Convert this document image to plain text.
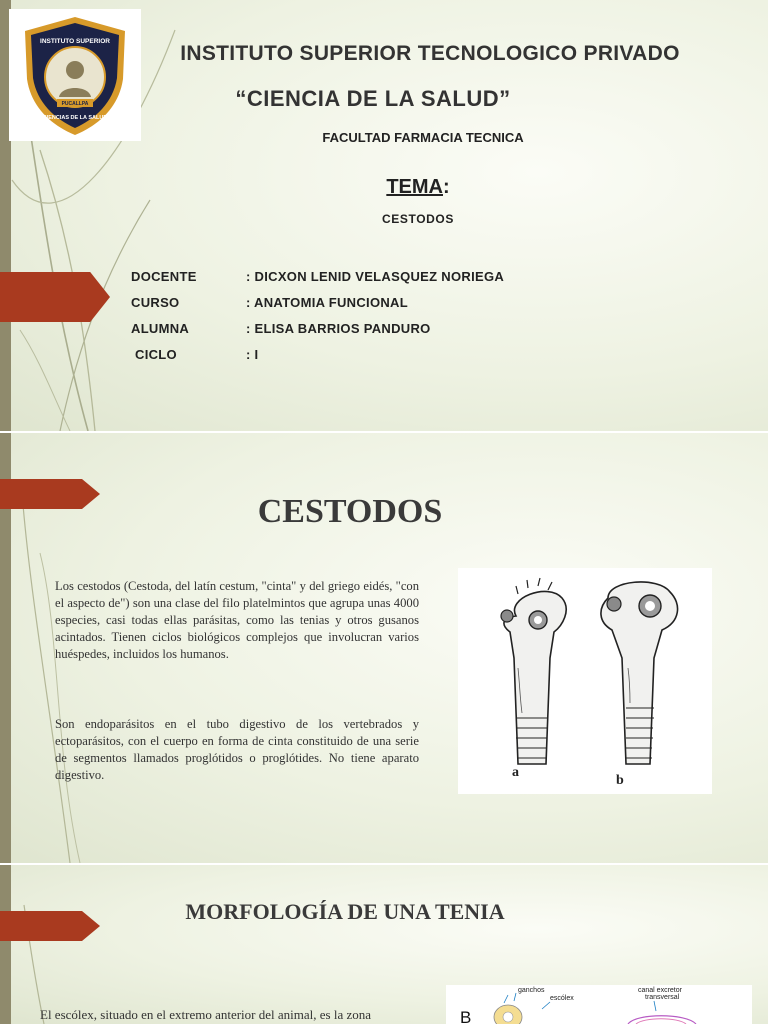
PUCALLPA
INSTITUTO SUPERIOR
CIENCIAS DE LA SALUD
INSTITUTO SUPERIOR TECNOLOGICO PRIVADO
“CIENCIA DE LA SALUD”
FACULTAD FARMACIA TECNICA
TEMA:
CESTODOS
DOCENTE	: DICXON LENID VELASQUEZ NORIEGA
CURSO	: ANATOMIA FUNCIONAL
ALUMNA	: ELISA BARRIOS PANDURO
CICLO	: I
CESTODOS
Los cestodos (Cestoda, del latín cestum, "cinta" y del griego eidés, "con el aspecto de") son una clase del filo platelmintos que agrupa unas 4000 especies, casi todas ellas parásitas, como las tenias y otros gusanos acintados. Tienen ciclos biológicos complejos que involucran varios huéspedes, incluidos los humanos.
Son endoparásitos en el tubo digestivo de los vertebrados y ectoparásitos, con el cuerpo en forma de cinta constituido de una serie de segmentos llamados proglótidos o proglótides. No tiene aparato digestivo.	a
b
MORFOLOGÍA DE UNA TENIA
El escólex, situado en el extremo anterior del animal, es la zona	B
ganchos
escólex
canal excretor
transversal
